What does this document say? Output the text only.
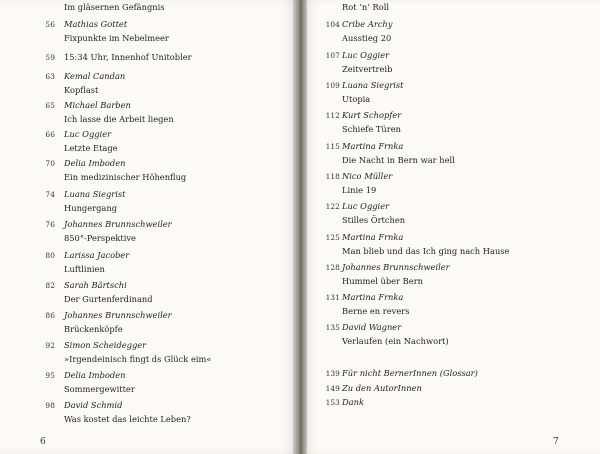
Im gläsernen Gefängnis
56 Mathias Gottet
Fixpunkte im Nebelmeer
59 15:34 Uhr, Innenhof Unitobler
63 Kemal Candan
Kopflast
65 Michael Barben
Ich lasse die Arbeit liegen
66 Luc Oggier
Letzte Etage
70 Delia Imboden
Ein medizinischer Höhenflug
74 Luana Siegrist
Hungergang
76 Johannes Brunnschweiler
850°-Perspektive
80 Larissa Jacober
Luftlinien
82 Sarah Bärtschi
Der Gurtenferdinand
86 Johannes Brunnschweiler
Brückenköpfe
92 Simon Scheidegger
»Irgendeinisch fingt ds Glück eim«
95 Delia Imboden
Sommergewitter
98 David Schmid
Was kostet das leichte Leben?
6
Rot ’n’ Roll
104 Cribe Archy
Ausstieg 20
107 Luc Oggier
Zeitvertreib
109 Luana Siegrist
Utopia
112 Kurt Schopfer
Schiefe Türen
115 Martina Frnka
Die Nacht in Bern war hell
118 Nico Müller
Linie 19
122 Luc Oggier
Stilles Örtchen
125 Martina Frnka
Man blieb und das Ich ging nach Hause
128 Johannes Brunnschweiler
Hummel über Bern
131 Martina Frnka
Berne en revers
135 David Wagner
Verlaufen (ein Nachwort)
139 Für nicht BernerInnen (Glossar)
149 Zu den AutorInnen
153 Dank
7
